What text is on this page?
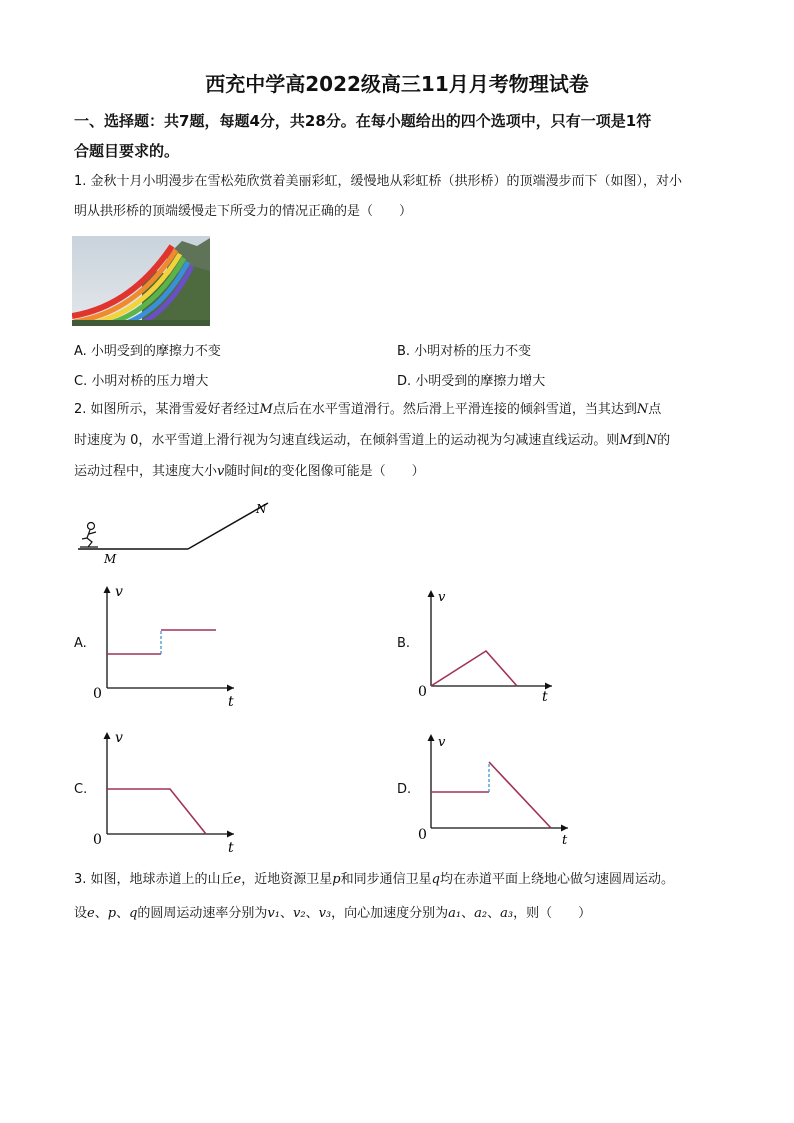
西充中学高2022级高三11月月考物理试卷
一、选择题：共7题，每题4分，共28分。在每小题给出的四个选项中，只有一项是1符
合题目要求的。
1. 金秋十月小明漫步在雪松苑欣赏着美丽彩虹，缓慢地从彩虹桥（拱形桥）的顶端漫步而下（如图），对小
明从拱形桥的顶端缓慢走下所受力的情况正确的是（　　）
A. 小明受到的摩擦力不变	B. 小明对桥的压力不变
C. 小明对桥的压力增大	D. 小明受到的摩擦力增大
2. 如图所示，某滑雪爱好者经过M点后在水平雪道滑行。然后滑上平滑连接的倾斜雪道，当其达到N点
时速度为 0，水平雪道上滑行视为匀速直线运动，在倾斜雪道上的运动视为匀减速直线运动。则M到N的
运动过程中，其速度大小v随时间t的变化图像可能是（　　）
M
N
A.
v
t
0
B.
v
t
0
C.
v
t
0
D.
v
t
0
3. 如图，地球赤道上的山丘e，近地资源卫星p和同步通信卫星q均在赤道平面上绕地心做匀速圆周运动。
设e、p、q的圆周运动速率分别为v₁、v₂、v₃，向心加速度分别为a₁、a₂、a₃，则（　　）
